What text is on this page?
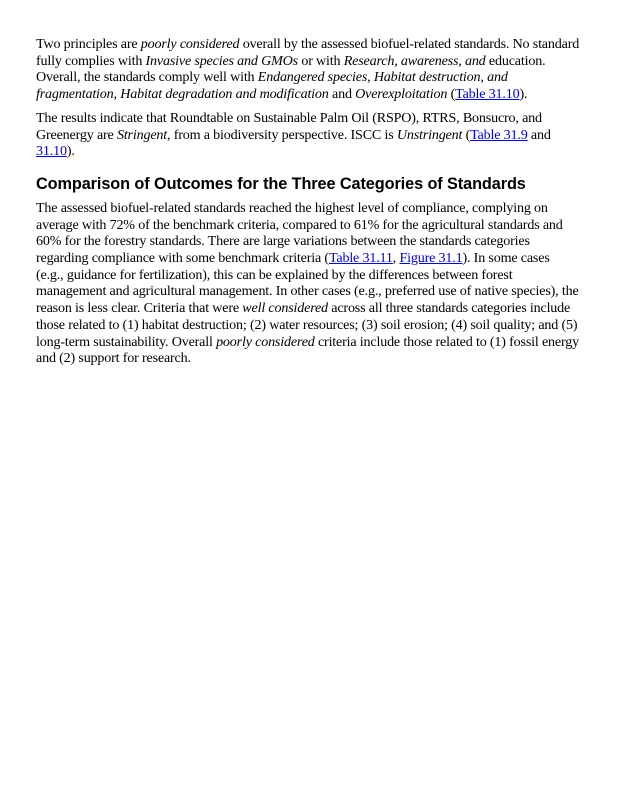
Two principles are poorly considered overall by the assessed biofuel-related standards. No standard fully complies with Invasive species and GMOs or with Research, awareness, and education. Overall, the standards comply well with Endangered species, Habitat destruction, and fragmentation, Habitat degradation and modification and Overexploitation (Table 31.10).

The results indicate that Roundtable on Sustainable Palm Oil (RSPO), RTRS, Bonsucro, and Greenergy are Stringent, from a biodiversity perspective. ISCC is Unstringent (Table 31.9 and 31.10).

Comparison of Outcomes for the Three Categories of Standards

The assessed biofuel-related standards reached the highest level of compliance, complying on average with 72% of the benchmark criteria, compared to 61% for the agricultural standards and 60% for the forestry standards. There are large variations between the standards categories regarding compliance with some benchmark criteria (Table 31.11, Figure 31.1). In some cases (e.g., guidance for fertilization), this can be explained by the differences between forest management and agricultural management. In other cases (e.g., preferred use of native species), the reason is less clear. Criteria that were well considered across all three standards categories include those related to (1) habitat destruction; (2) water resources; (3) soil erosion; (4) soil quality; and (5) long-term sustainability. Overall poorly considered criteria include those related to (1) fossil energy and (2) support for research.
